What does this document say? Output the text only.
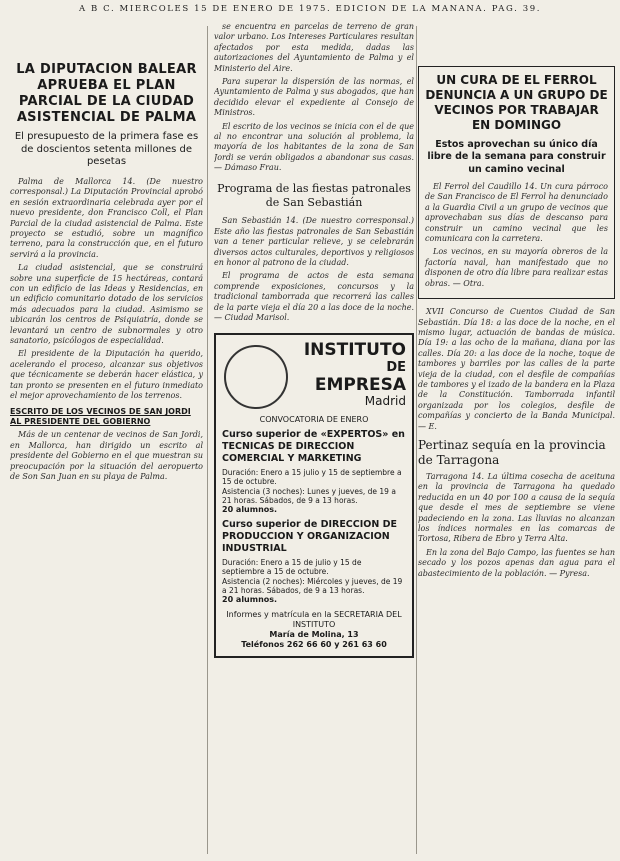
A B C. MIERCOLES 15 DE ENERO DE 1975. EDICION DE LA MAÑANA. PAG. 39.
LA DIPUTACION BALEAR APRUEBA EL PLAN PARCIAL DE LA CIUDAD ASISTENCIAL DE PALMA
El presupuesto de la primera fase es de doscientos setenta millones de pesetas

Palma de Mallorca 14. (De nuestro corresponsal.) La Diputación Provincial aprobó en sesión extraordinaria celebrada ayer por el nuevo presidente, don Francisco Coll, el Plan Parcial de la ciudad asistencial de Palma. Este proyecto se estudió, sobre un magnífico terreno, para la construcción que, en el futuro servirá a la provincia.

La ciudad asistencial, que se construirá sobre una superficie de 15 hectáreas, contará con un edificio de las Ideas y Residencias, en un edificio comunitario dotado de los servicios más adecuados para la ciudad. Asimismo se ubicarán los centros de Psiquiatría, donde se levantará un centro de subnormales y otro sanatorio, psicólogos de especialidad.

El presidente de la Diputación ha querido, acelerando el proceso, alcanzar sus objetivos que técnicamente se deberán hacer elástica, y tan pronto se presenten en el futuro inmediato el mejor aprovechamiento de los terrenos.

ESCRITO DE LOS VECINOS DE SAN JORDI AL PRESIDENTE DEL GOBIERNO

Más de un centenar de vecinos de San Jordi, en Mallorca, han dirigido un escrito al presidente del Gobierno en el que muestran su preocupación por la situación del aeropuerto de Son San Juan en su playa de Palma.

se encuentra en parcelas de terreno de gran valor urbano. Los Intereses Particulares resultan afectados por esta medida, dadas las autorizaciones del Ayuntamiento de Palma y el Ministerio del Aire.

Para superar la dispersión de las normas, el Ayuntamiento de Palma y sus abogados, que han decidido elevar el expediente al Consejo de Ministros.

El escrito de los vecinos se inicia con el de que al no encontrar una solución al problema, la mayoría de los habitantes de la zona de San Jordi se verán obligados a abandonar sus casas. — Dámaso Frau.

Programa de las fiestas patronales de San Sebastián

San Sebastián 14. (De nuestro corresponsal.) Este año las fiestas patronales de San Sebastián van a tener particular relieve, y se celebrarán diversos actos culturales, deportivos y religiosos en honor al patrono de la ciudad.

El programa de actos de esta semana comprende exposiciones, concursos y la tradicional tamborrada que recorrerá las calles de la parte vieja el día 20 a las doce de la noche. — Ciudad Marisol.

INSTITUTO
DE
EMPRESA
Madrid
CONVOCATORIA DE ENERO
Curso superior de «EXPERTOS» en TECNICAS DE DIRECCION COMERCIAL Y MARKETING
Duración: Enero a 15 julio y 15 de septiembre a 15 de octubre.
Asistencia (3 noches): Lunes y jueves, de 19 a 21 horas. Sábados, de 9 a 13 horas.
20 alumnos.
Curso superior de DIRECCION DE PRODUCCION Y ORGANIZACION INDUSTRIAL
Duración: Enero a 15 de julio y 15 de septiembre a 15 de octubre.
Asistencia (2 noches): Miércoles y jueves, de 19 a 21 horas. Sábados, de 9 a 13 horas.
20 alumnos.
Informes y matrícula en la SECRETARIA DEL INSTITUTO
María de Molina, 13
Teléfonos 262 66 60 y 261 63 60
UN CURA DE EL FERROL DENUNCIA A UN GRUPO DE VECINOS POR TRABAJAR EN DOMINGO
Estos aprovechan su único día libre de la semana para construir un camino vecinal

El Ferrol del Caudillo 14. Un cura párroco de San Francisco de El Ferrol ha denunciado a la Guardia Civil a un grupo de vecinos que aprovechaban sus días de descanso para construir un camino vecinal que les comunicara con la carretera.

Los vecinos, en su mayoría obreros de la factoría naval, han manifestado que no disponen de otro día libre para realizar estas obras. — Otra.

XVII Concurso de Cuentos Ciudad de San Sebastián. Día 18: a las doce de la noche, en el mismo lugar, actuación de bandas de música. Día 19: a las ocho de la mañana, diana por las calles. Día 20: a las doce de la noche, toque de tambores y barriles por las calles de la parte vieja de la ciudad, con el desfile de compañías de tambores y el izado de la bandera en la Plaza de la Constitución. Tamborrada infantil organizada por los colegios, desfile de compañías y concierto de la Banda Municipal. — E.

Pertinaz sequía en la provincia de Tarragona

Tarragona 14. La última cosecha de aceituna en la provincia de Tarragona ha quedado reducida en un 40 por 100 a causa de la sequía que desde el mes de septiembre se viene padeciendo en la zona. Las lluvias no alcanzan los índices normales en las comarcas de Tortosa, Ribera de Ebro y Terra Alta.

En la zona del Bajo Campo, las fuentes se han secado y los pozos apenas dan agua para el abastecimiento de la población. — Pyresa.
